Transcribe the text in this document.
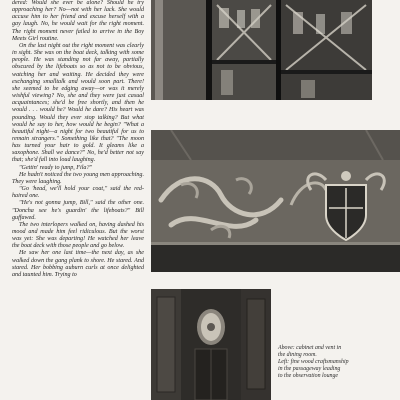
dered: Would she ever be alone? Should he try approaching her? No—not with her lack. She would accuse him to her friend and excuse herself with a gay laugh. No, he would wait for the right moment. The right moment never failed to arrive in the Boy Meets Girl routine.

On the last night out the right moment was clearly in sight. She was on the boat deck, talking with some people. He was standing not far away, partially obscured by the lifeboats so as not to be obvious, watching her and waiting. He decided they were exchanging smalltalk and would soon part. There! she seemed to be edging away—or was it merely wishful viewing? No, she and they were just casual acquaintances; she'd be free shortly, and then he would . . . would he? Would he dare? His heart was pounding. Would they ever stop talking? But what would he say to her, how would he begin? "What a beautiful night—a night for two beautiful for us to remain strangers." Something like that? "The moon has turned your hair to gold. It gleams like a saxophone. Shall we dance?" No, he'd better not say that; she'd fall into loud laughing.

"Gettin' ready to jump, Fila?"

He hadn't noticed the two young men approaching. They were laughing.

"Go 'head, we'll hold your coat," said the red-haired one.

"He's not gonna jump, Bill," said the other one. "Doncha see he's guardin' the lifeboats?" Bill guffawed.

The two interlopers walked on, having dashed his mood and made him feel ridiculous. But the worst was yet: She was departing! He watched her leave the boat deck with those people and go below.

He saw her one last time—the next day, as she walked down the gang plank to shore. He stared. And stared. Her bobbing auburn curls at once delighted and taunted him. Trying to

Above: cabinet and vent in
the dining room.
Left: fine wood craftsmanship
in the passageway leading
to the observation lounge
